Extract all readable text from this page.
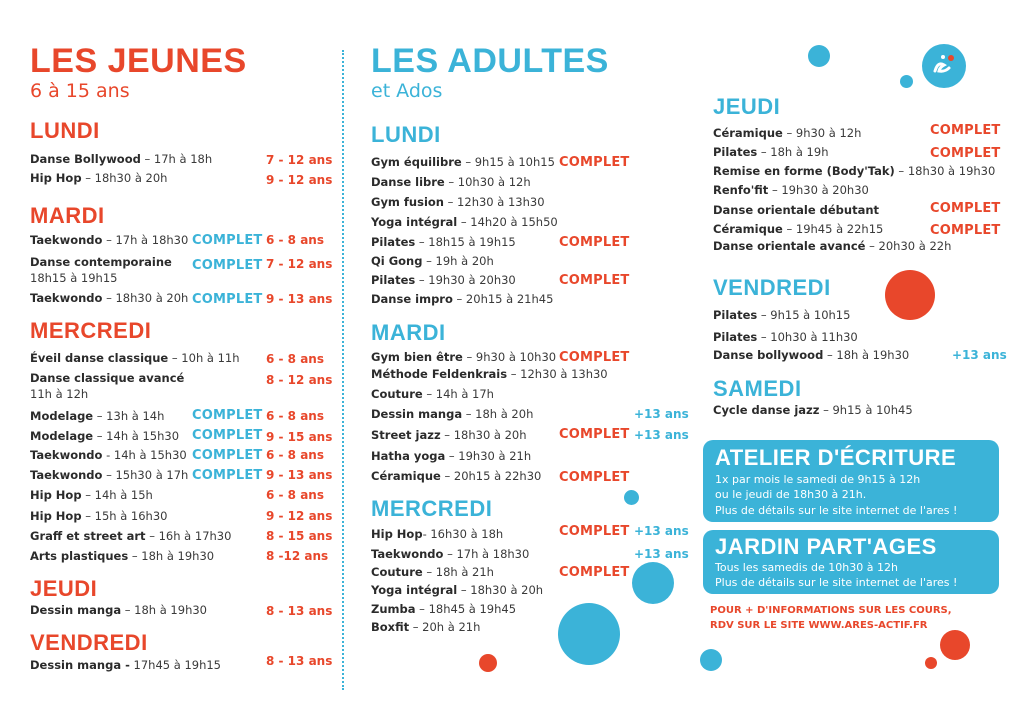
LES JEUNES
6 à 15 ans
LUNDI
Danse Bollywood – 17h à 18h	7 - 12 ans
Hip Hop – 18h30 à 20h	9 - 12 ans
MARDI
Taekwondo – 17h à 18h30 COMPLET 6 - 8 ans
Danse contemporaine
18h15 à 19h15
COMPLET 7 - 12 ans
Taekwondo – 18h30 à 20h COMPLET 9 - 13 ans
MERCREDI
Éveil danse classique – 10h à 11h 6 - 8 ans
Danse classique avancé
11h à 12h
8 - 12 ans
Modelage – 13h à 14h COMPLET 6 - 8 ans
Modelage – 14h à 15h30 COMPLET 9 - 15 ans
Taekwondo - 14h à 15h30 COMPLET 6 - 8 ans
Taekwondo – 15h30 à 17h COMPLET 9 - 13 ans
Hip Hop – 14h à 15h	6 - 8 ans
Hip Hop – 15h à 16h30	9 - 12 ans
Graff et street art – 16h à 17h30	8 - 15 ans
Arts plastiques – 18h à 19h30	8 -12 ans
JEUDI
Dessin manga – 18h à 19h30	8 - 13 ans
VENDREDI
Dessin manga - 17h45 à 19h15	8 - 13 ans
LES ADULTES
et Ados
LUNDI
Gym équilibre – 9h15 à 10h15 COMPLET
Danse libre – 10h30 à 12h
Gym fusion – 12h30 à 13h30
Yoga intégral – 14h20 à 15h50
Pilates – 18h15 à 19h15	COMPLET
Qi Gong – 19h à 20h
Pilates – 19h30 à 20h30	COMPLET
Danse impro – 20h15 à 21h45
MARDI
Gym bien être – 9h30 à 10h30 COMPLET
Méthode Feldenkrais – 12h30 à 13h30
Couture – 14h à 17h
Dessin manga – 18h à 20h	+13 ans
Street jazz – 18h30 à 20h COMPLET +13 ans
Hatha yoga – 19h30 à 21h
Céramique – 20h15 à 22h30 COMPLET
MERCREDI
Hip Hop- 16h30 à 18h	COMPLET +13 ans
Taekwondo – 17h à 18h30	+13 ans
Couture – 18h à 21h	COMPLET
Yoga intégral – 18h30 à 20h
Zumba – 18h45 à 19h45
Boxfit – 20h à 21h
JEUDI
Céramique – 9h30 à 12h	COMPLET
Pilates – 18h à 19h	COMPLET
Remise en forme (Body'Tak) – 18h30 à 19h30
Renfo'fit – 19h30 à 20h30
Danse orientale débutant	COMPLET
Céramique – 19h45 à 22h15	COMPLET
Danse orientale avancé – 20h30 à 22h
VENDREDI
Pilates – 9h15 à 10h15
Pilates – 10h30 à 11h30
Danse bollywood – 18h à 19h30	+13 ans
SAMEDI
Cycle danse jazz – 9h15 à 10h45
ATELIER D'ÉCRITURE
1x par mois le samedi de 9h15 à 12h
ou le jeudi de 18h30 à 21h.
Plus de détails sur le site internet de l'ares !
JARDIN PART'AGES
Tous les samedis de 10h30 à 12h
Plus de détails sur le site internet de l'ares !
POUR + D'INFORMATIONS SUR LES COURS,
RDV SUR LE SITE WWW.ARES-ACTIF.FR
